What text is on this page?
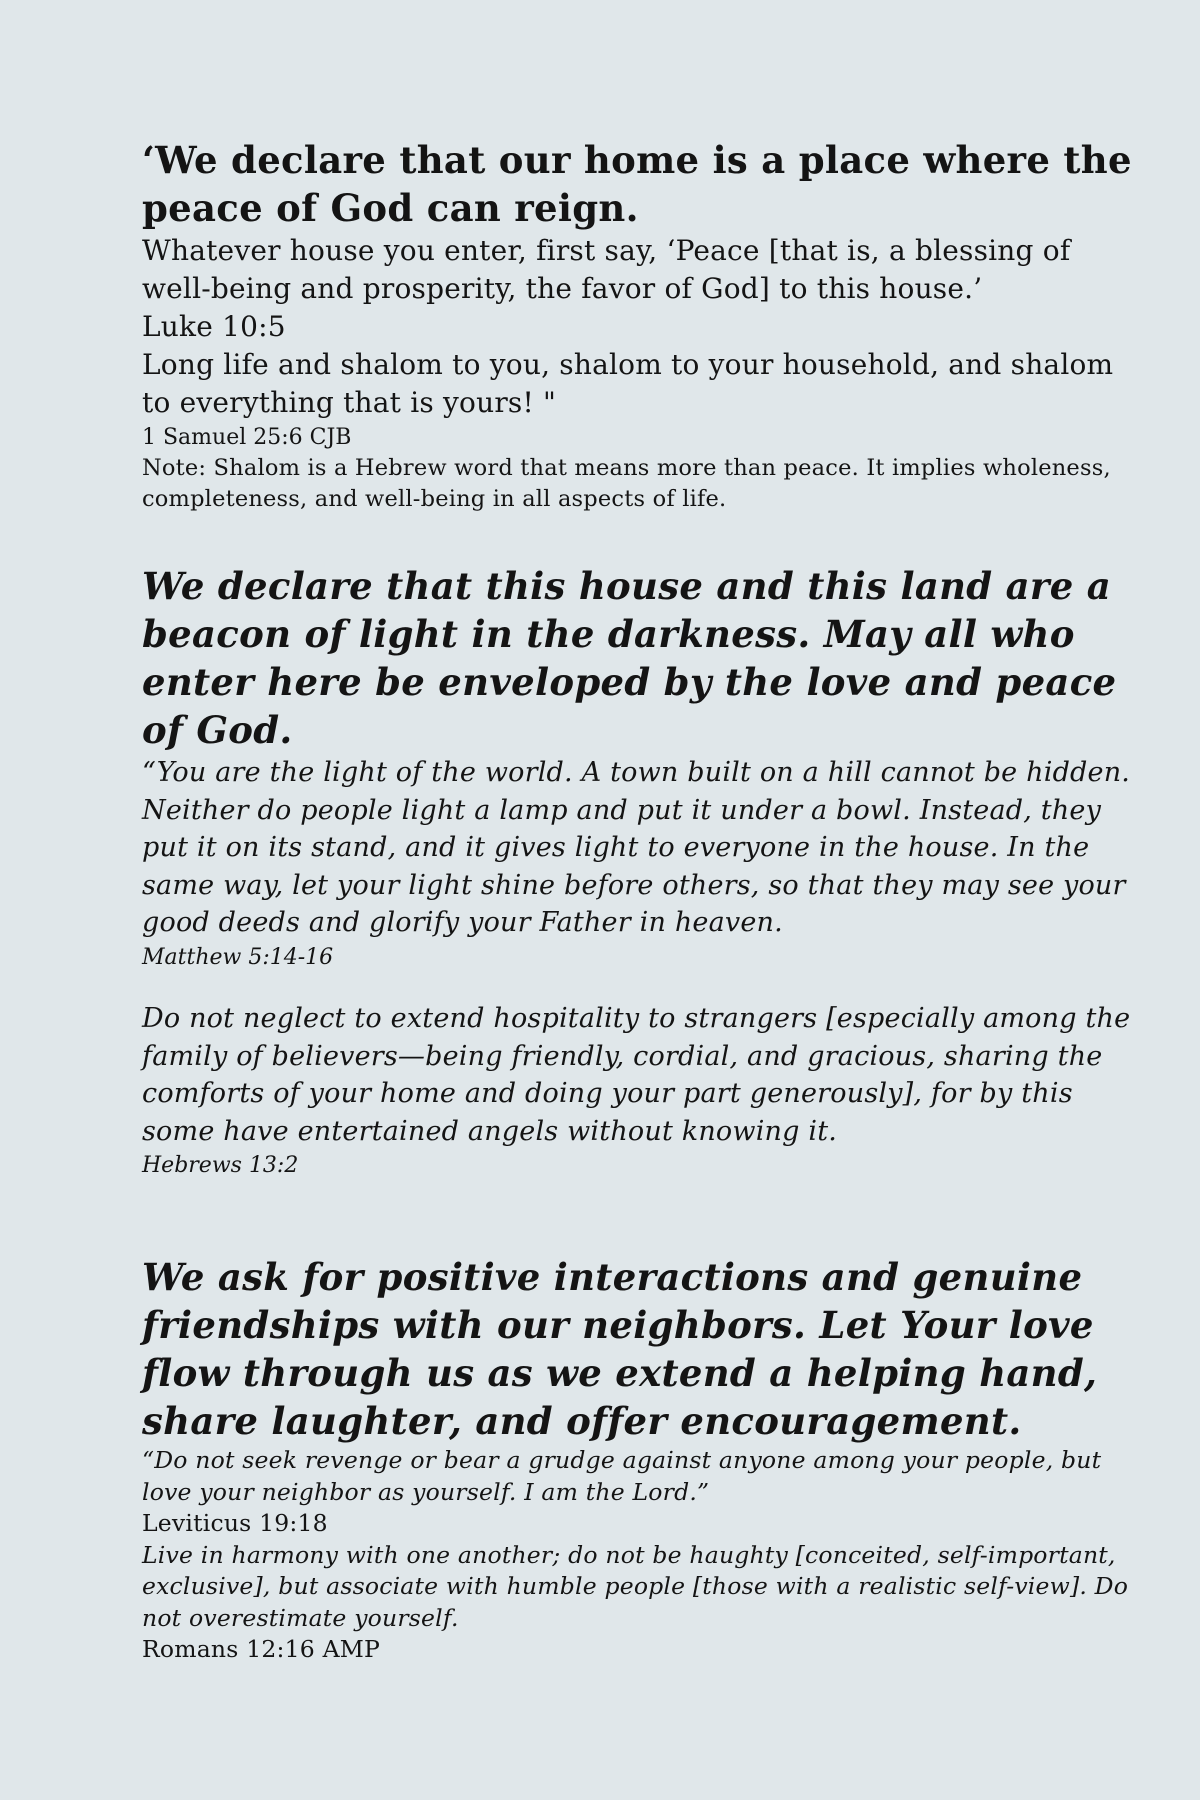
‘We declare that our home is a place where the peace of God can reign.

Whatever house you enter, first say, ‘Peace [that is, a blessing of well-being and prosperity, the favor of God] to this house.’

Luke 10:5

Long life and shalom to you, shalom to your household, and shalom to everything that is yours! "

1 Samuel 25:6 CJB

Note: Shalom is a Hebrew word that means more than peace. It implies wholeness, completeness, and well-being in all aspects of life.

We declare that this house and this land are a beacon of light in the darkness. May all who enter here be enveloped by the love and peace of God.

“You are the light of the world. A town built on a hill cannot be hidden. Neither do people light a lamp and put it under a bowl. Instead, they put it on its stand, and it gives light to everyone in the house. In the same way, let your light shine before others, so that they may see your good deeds and glorify your Father in heaven.

Matthew 5:14-16

Do not neglect to extend hospitality to strangers [especially among the family of believers—being friendly, cordial, and gracious, sharing the comforts of your home and doing your part generously], for by this some have entertained angels without knowing it.

Hebrews 13:2

We ask for positive interactions and genuine friendships with our neighbors. Let Your love flow through us as we extend a helping hand, share laughter, and offer encouragement.

“Do not seek revenge or bear a grudge against anyone among your people, but love your neighbor as yourself. I am the Lord.”

Leviticus 19:18

Live in harmony with one another; do not be haughty [conceited, self-important, exclusive], but associate with humble people [those with a realistic self-view]. Do not overestimate yourself.

Romans 12:16 AMP
